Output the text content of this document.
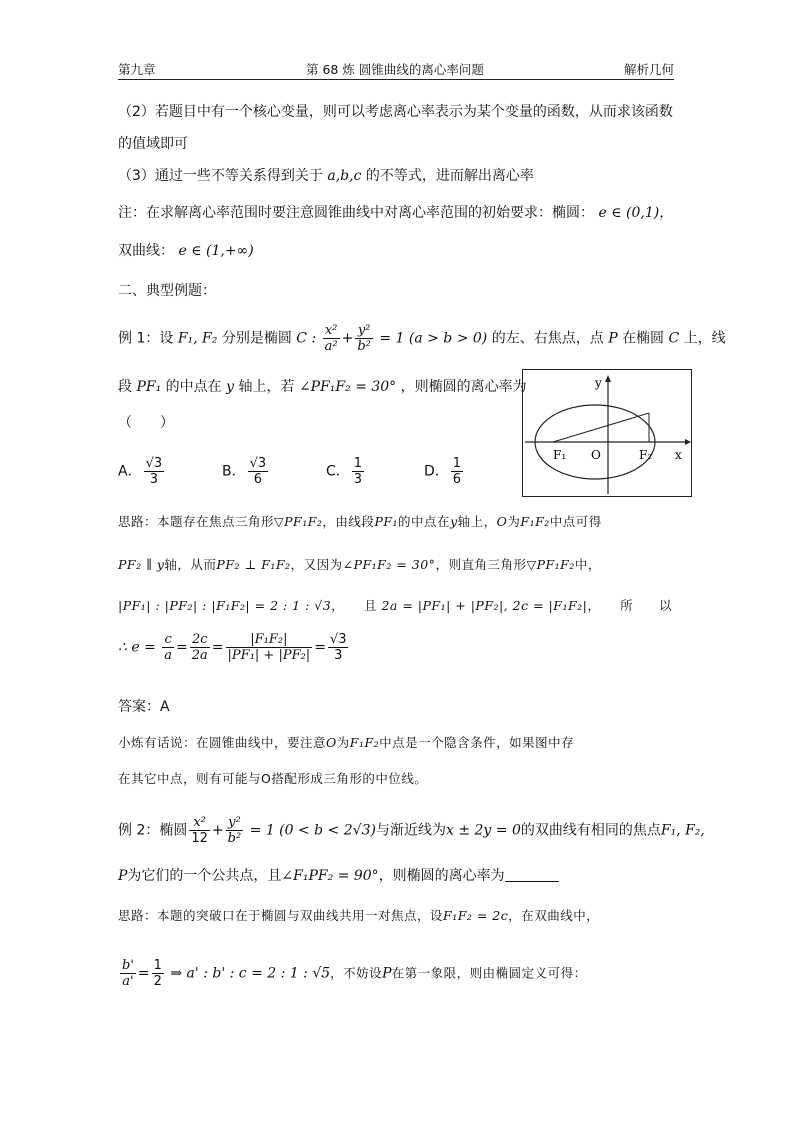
第九章	第 68 炼 圆锥曲线的离心率问题	解析几何
（2）若题目中有一个核心变量，则可以考虑离心率表示为某个变量的函数，从而求该函数
的值域即可
（3）通过一些不等关系得到关于 a,b,c 的不等式，进而解出离心率
注：在求解离心率范围时要注意圆锥曲线中对离心率范围的初始要求：椭圆： e ∈ (0,1)，
双曲线： e ∈ (1,+∞)
二、典型例题：
例 1：设 F₁, F₂ 分别是椭圆 C : $\frac{\text{x²}}{\text{a²}} + \frac{\text{y²}}{\text{b²}} = 1$ (a > b > 0) 的左、右焦点，点 P 在椭圆 C 上，线
段 PF₁ 的中点在 y 轴上，若 ∠PF₁F₂ = 30° ，则椭圆的离心率为
（　　）
A． $\frac{√3}{3}$	B． $\frac{√3}{6}$	C． $\frac{1}{3}$	D． $\frac{1}{6}$
y
x
F₁ O	F₂
思路：本题存在焦点三角形▽PF₁F₂，由线段PF₁的中点在y轴上，O为F₁F₂中点可得
PF₂ ∥ y轴，从而PF₂ ⊥ F₁F₂，又因为∠PF₁F₂ = 30°，则直角三角形▽PF₁F₂中，
|PF₁| : |PF₂| : |F₁F₂| = 2 : 1 : √3，　　且 2a = |PF₁| + |PF₂|, 2c = |F₁F₂|，　　所　　以
∴ $e = \frac{c}{a} = \frac{2c}{2a} = \frac{\text{|F₁F₂|}}{\text{|PF₁| + |PF₂|}} = \frac{√3}{3}$
答案：A
小炼有话说：在圆锥曲线中，要注意O为F₁F₂中点是一个隐含条件，如果图中存
在其它中点，则有可能与O搭配形成三角形的中位线。
例 2：椭圆 $\frac{\text{x²}}{12} + \frac{\text{y²}}{\text{b²}} = 1$ (0 < b < 2√3)与渐近线为x ± 2y = 0的双曲线有相同的焦点F₁, F₂,
P为它们的一个公共点，且∠F₁PF₂ = 90°，则椭圆的离心率为
思路：本题的突破口在于椭圆与双曲线共用一对焦点，设F₁F₂ = 2c，在双曲线中，
$\frac{b'}{a'} = \frac{1}{2}$ ⇒ a' : b' : c = 2 : 1 : √5，不妨设P在第一象限，则由椭圆定义可得：
